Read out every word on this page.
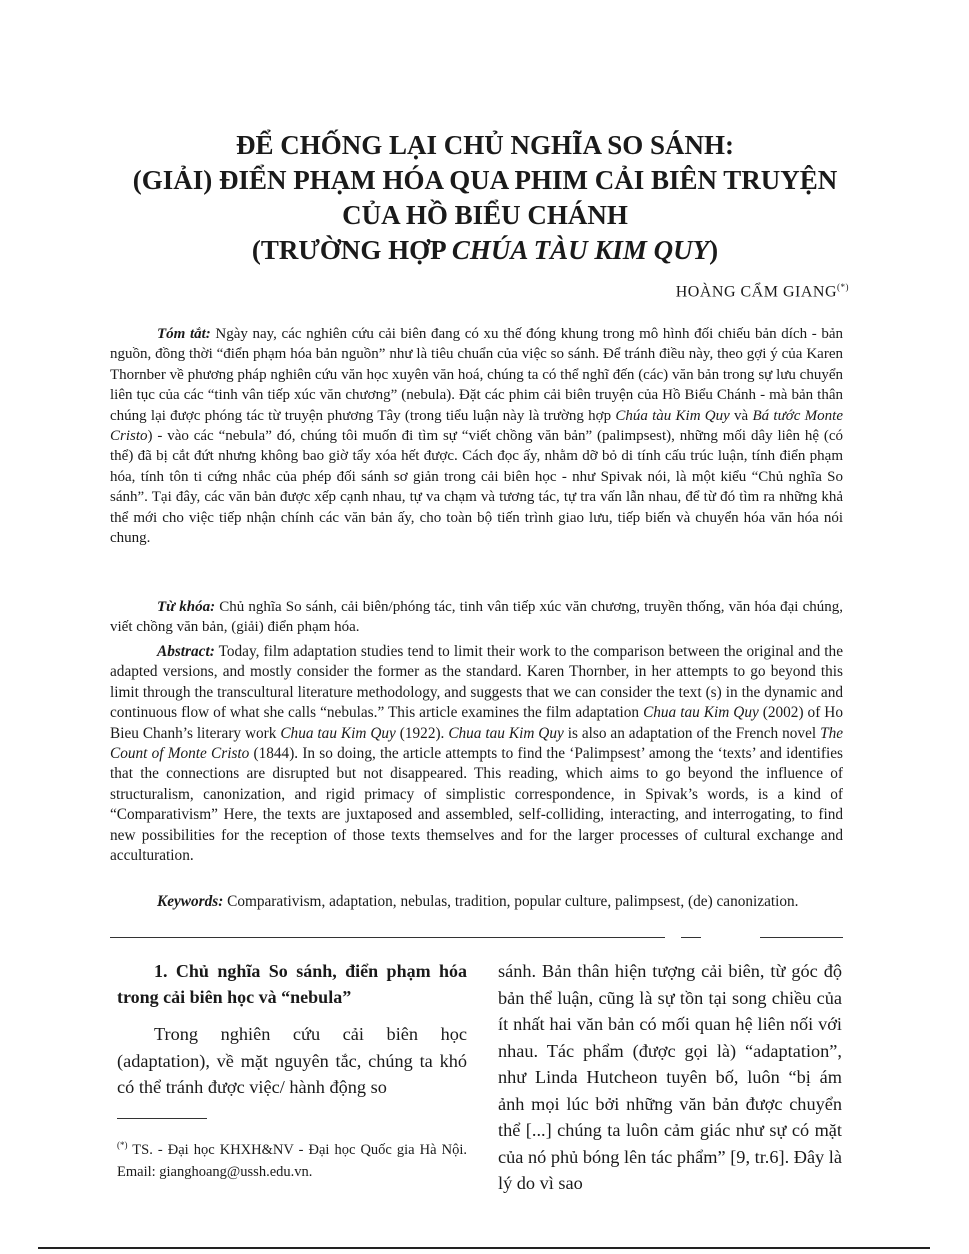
ĐỂ CHỐNG LẠI CHỦ NGHĨA SO SÁNH:
(GIẢI) ĐIỂN PHẠM HÓA QUA PHIM CẢI BIÊN TRUYỆN
CỦA HỒ BIỂU CHÁNH
(TRƯỜNG HỢP CHÚA TÀU KIM QUY)
HOÀNG CẨM GIANG(*)

Tóm tắt: Ngày nay, các nghiên cứu cải biên đang có xu thế đóng khung trong mô hình đối chiếu bản dích - bản nguồn, đồng thời “điển phạm hóa bản nguồn” như là tiêu chuẩn của việc so sánh. Để tránh điều này, theo gợi ý của Karen Thornber về phương pháp nghiên cứu văn học xuyên văn hoá, chúng ta có thể nghĩ đến (các) văn bản trong sự lưu chuyển liên tục của các “tinh vân tiếp xúc văn chương” (nebula). Đặt các phim cải biên truyện của Hồ Biểu Chánh - mà bản thân chúng lại được phóng tác từ truyện phương Tây (trong tiểu luận này là trường hợp Chúa tàu Kim Quy và Bá tước Monte Cristo) - vào các “nebula” đó, chúng tôi muốn đi tìm sự “viết chồng văn bản” (palimpsest), những mối dây liên hệ (có thể) đã bị cắt đứt nhưng không bao giờ tẩy xóa hết được. Cách đọc ấy, nhằm dỡ bỏ di tính cấu trúc luận, tính điển phạm hóa, tính tôn ti cứng nhắc của phép đối sánh sơ giản trong cải biên học - như Spivak nói, là một kiểu “Chủ nghĩa So sánh”. Tại đây, các văn bản được xếp cạnh nhau, tự va chạm và tương tác, tự tra vấn lẫn nhau, để từ đó tìm ra những khả thể mới cho việc tiếp nhận chính các văn bản ấy, cho toàn bộ tiến trình giao lưu, tiếp biến và chuyển hóa văn hóa nói chung.

Từ khóa: Chủ nghĩa So sánh, cải biên/phóng tác, tinh vân tiếp xúc văn chương, truyền thống, văn hóa đại chúng, viết chồng văn bản, (giải) điển phạm hóa.

Abstract: Today, film adaptation studies tend to limit their work to the comparison between the original and the adapted versions, and mostly consider the former as the standard. Karen Thornber, in her attempts to go beyond this limit through the transcultural literature methodology, and suggests that we can consider the text (s) in the dynamic and continuous flow of what she calls “nebulas.” This article examines the film adaptation Chua tau Kim Quy (2002) of Ho Bieu Chanh’s literary work Chua tau Kim Quy (1922). Chua tau Kim Quy is also an adaptation of the French novel The Count of Monte Cristo (1844). In so doing, the article attempts to find the ‘Palimpsest’ among the ‘texts’ and identifies that the connections are disrupted but not disappeared. This reading, which aims to go beyond the influence of structuralism, canonization, and rigid primacy of simplistic correspondence, in Spivak’s words, is a kind of “Comparativism” Here, the texts are juxtaposed and assembled, self-colliding, interacting, and interrogating, to find new possibilities for the reception of those texts themselves and for the larger processes of cultural exchange and acculturation.

Keywords: Comparativism, adaptation, nebulas, tradition, popular culture, palimpsest, (de) canonization.

1. Chủ nghĩa So sánh, điển phạm hóa trong cải biên học và “nebula”

Trong nghiên cứu cải biên học (adaptation), về mặt nguyên tắc, chúng ta khó có thể tránh được việc/ hành động so

sánh. Bản thân hiện tượng cải biên, từ góc độ bản thể luận, cũng là sự tồn tại song chiều của ít nhất hai văn bản có mối quan hệ liên nối với nhau. Tác phẩm (được gọi là) “adaptation”, như Linda Hutcheon tuyên bố, luôn “bị ám ảnh mọi lúc bởi những văn bản được chuyển thể [...] chúng ta luôn cảm giác như sự có mặt của nó phủ bóng lên tác phẩm” [9, tr.6]. Đây là lý do vì sao

(*) TS. - Đại học KHXH&NV - Đại học Quốc gia Hà Nội. Email: gianghoang@ussh.edu.vn.
